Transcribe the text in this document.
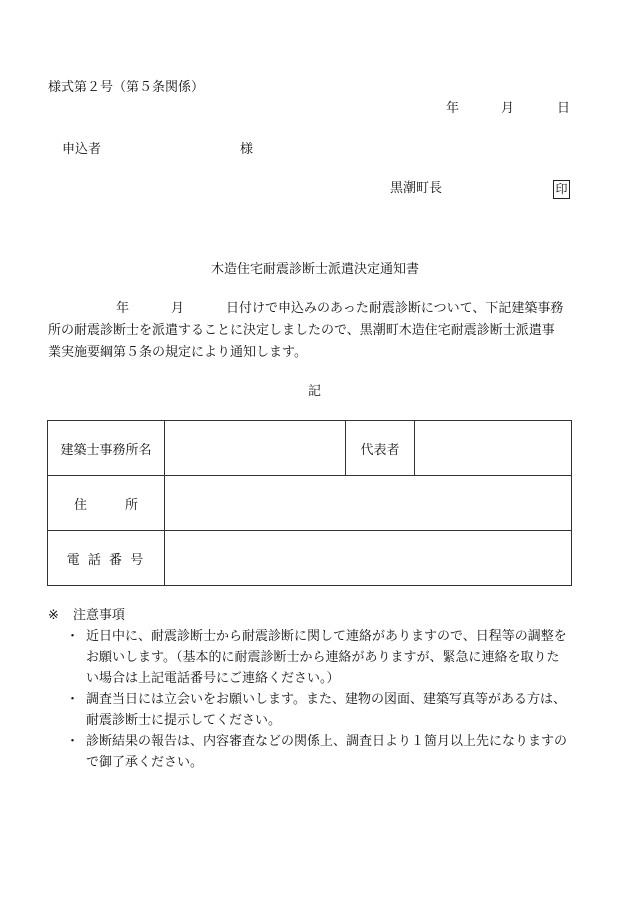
様式第２号（第５条関係）
年	月	日
申込者	様
黒潮町長	印
木造住宅耐震診断士派遣決定通知書

年	月	日付けで申込みのあった耐震診断について、下記建築事務

所の耐震診断士を派遣することに決定しましたので、黒潮町木造住宅耐震診断士派遣事

業実施要綱第５条の規定により通知します。

記
建築士事務所名		代表者	
住 所			
電 話 番 号			
※ 注意事項
・ 近日中に、耐震診断士から耐震診断に関して連絡がありますので、日程等の調整を
お願いします。（基本的に耐震診断士から連絡がありますが、緊急に連絡を取りた
い場合は上記電話番号にご連絡ください。）
・ 調査当日には立会いをお願いします。また、建物の図面、建築写真等がある方は、
耐震診断士に提示してください。
・ 診断結果の報告は、内容審査などの関係上、調査日より１箇月以上先になりますの
で御了承ください。
